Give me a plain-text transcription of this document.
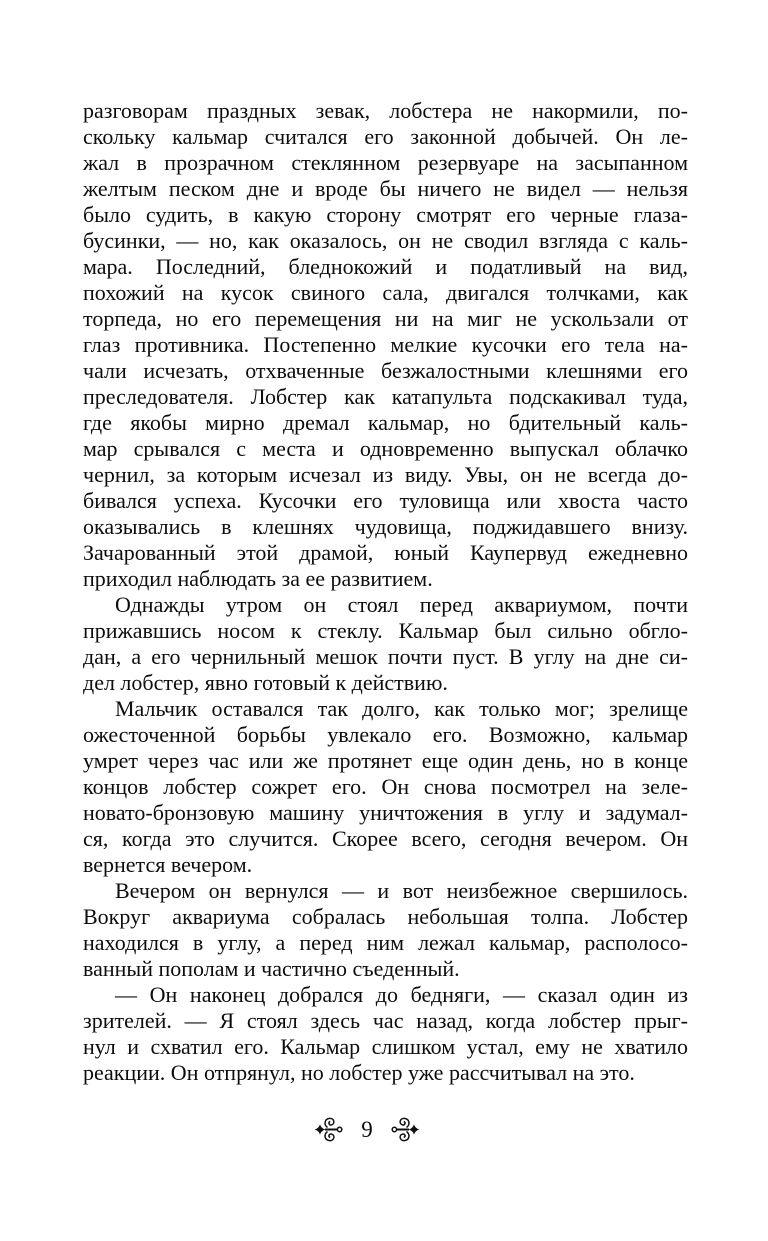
разговорам праздных зевак, лобстера не накормили, по-
скольку кальмар считался его законной добычей. Он ле-
жал в прозрачном стеклянном резервуаре на засыпанном
желтым песком дне и вроде бы ничего не видел — нельзя
было судить, в какую сторону смотрят его черные глаза-
бусинки, — но, как оказалось, он не сводил взгляда с каль-
мара. Последний, бледнокожий и податливый на вид,
похожий на кусок свиного сала, двигался толчками, как
торпеда, но его перемещения ни на миг не ускользали от
глаз противника. Постепенно мелкие кусочки его тела на-
чали исчезать, отхваченные безжалостными клешнями его
преследователя. Лобстер как катапульта подскакивал туда,
где якобы мирно дремал кальмар, но бдительный каль-
мар срывался с места и одновременно выпускал облачко
чернил, за которым исчезал из виду. Увы, он не всегда до-
бивался успеха. Кусочки его туловища или хвоста часто
оказывались в клешнях чудовища, поджидавшего внизу.
Зачарованный этой драмой, юный Каупервуд ежедневно
приходил наблюдать за ее развитием.
Однажды утром он стоял перед аквариумом, почти
прижавшись носом к стеклу. Кальмар был сильно обгло-
дан, а его чернильный мешок почти пуст. В углу на дне си-
дел лобстер, явно готовый к действию.
Мальчик оставался так долго, как только мог; зрелище
ожесточенной борьбы увлекало его. Возможно, кальмар
умрет через час или же протянет еще один день, но в конце
концов лобстер сожрет его. Он снова посмотрел на зеле-
новато-бронзовую машину уничтожения в углу и задумал-
ся, когда это случится. Скорее всего, сегодня вечером. Он
вернется вечером.
Вечером он вернулся — и вот неизбежное свершилось.
Вокруг аквариума собралась небольшая толпа. Лобстер
находился в углу, а перед ним лежал кальмар, располосо-
ванный пополам и частично съеденный.
— Он наконец добрался до бедняги, — сказал один из
зрителей. — Я стоял здесь час назад, когда лобстер прыг-
нул и схватил его. Кальмар слишком устал, ему не хватило
реакции. Он отпрянул, но лобстер уже рассчитывал на это.
9
